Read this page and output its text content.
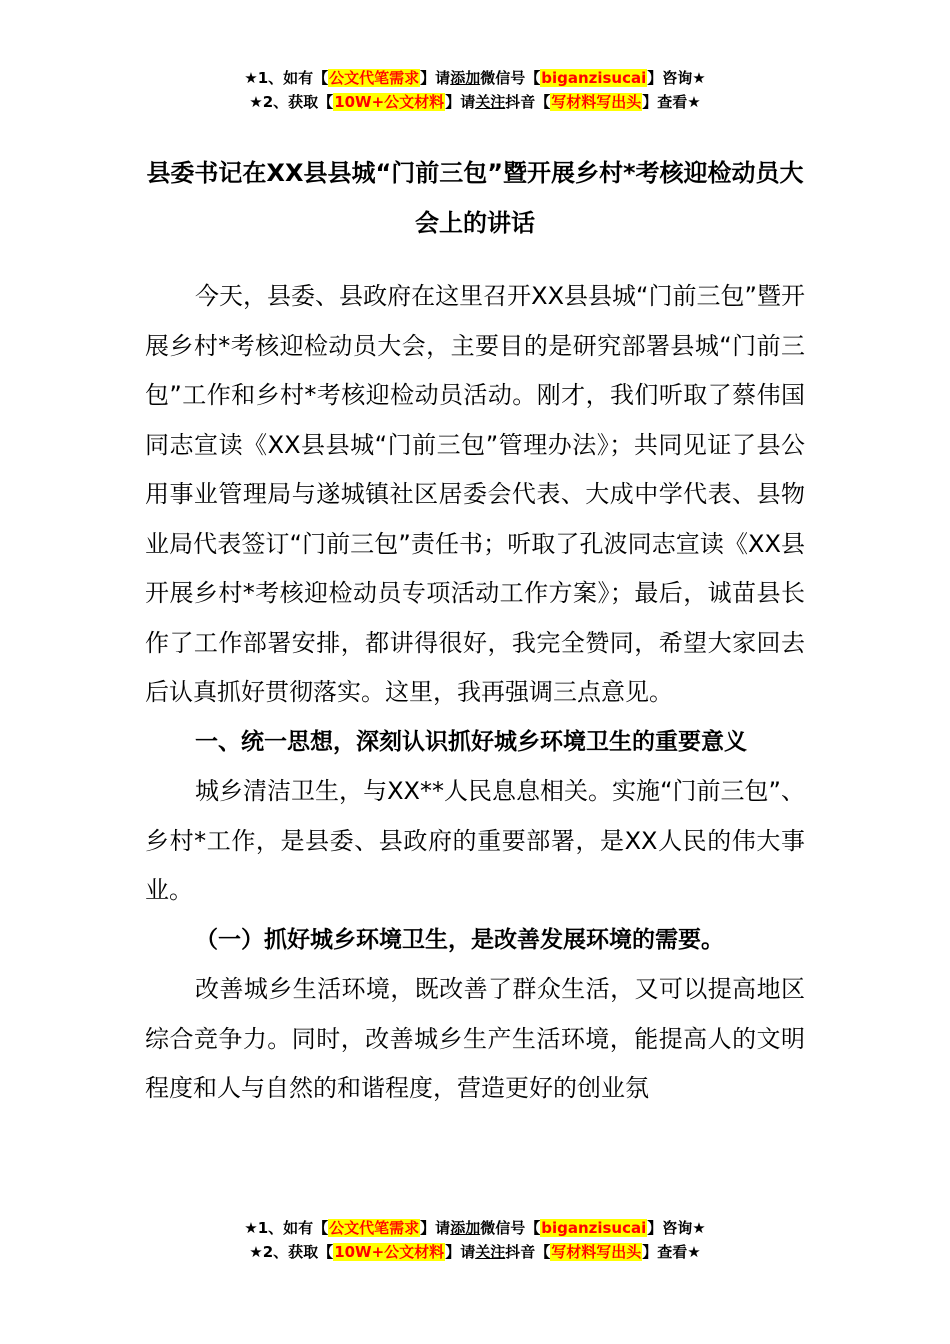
★1、如有【公文代笔需求】请添加微信号【biganzisucai】咨询★
★2、获取【10W+公文材料】请关注抖音【写材料写出头】查看★
县委书记在XX县县城“门前三包”暨开展乡村*考核迎检动员大会上的讲话

今天，县委、县政府在这里召开XX县县城“门前三包”暨开展乡村*考核迎检动员大会，主要目的是研究部署县城“门前三包”工作和乡村*考核迎检动员活动。刚才，我们听取了蔡伟国同志宣读《XX县县城“门前三包”管理办法》；共同见证了县公用事业管理局与遂城镇社区居委会代表、大成中学代表、县物业局代表签订“门前三包”责任书；听取了孔波同志宣读《XX县开展乡村*考核迎检动员专项活动工作方案》；最后，诚苗县长作了工作部署安排，都讲得很好，我完全赞同，希望大家回去后认真抓好贯彻落实。这里，我再强调三点意见。

一、统一思想，深刻认识抓好城乡环境卫生的重要意义

城乡清洁卫生，与XX**人民息息相关。实施“门前三包”、乡村*工作，是县委、县政府的重要部署，是XX人民的伟大事业。

（一）抓好城乡环境卫生，是改善发展环境的需要。

改善城乡生活环境，既改善了群众生活，又可以提高地区综合竞争力。同时，改善城乡生产生活环境，能提高人的文明程度和人与自然的和谐程度，营造更好的创业氛

★1、如有【公文代笔需求】请添加微信号【biganzisucai】咨询★
★2、获取【10W+公文材料】请关注抖音【写材料写出头】查看★
